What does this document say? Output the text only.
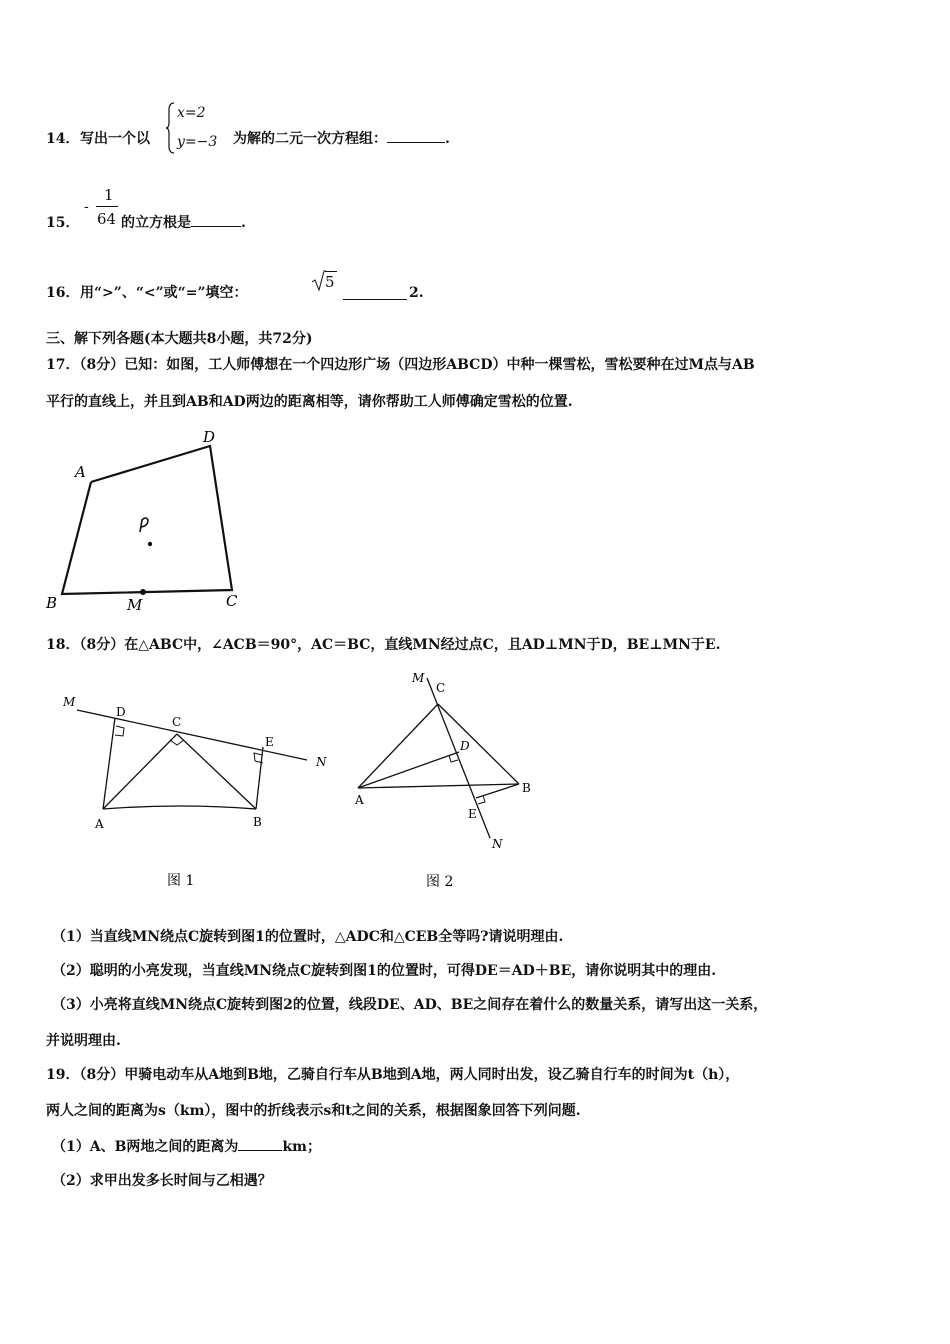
14． 写出一个以
x=2
y=−3 为解的二元一次方程组：	.
15．
-
1
64 的立方根是	.
16． 用“>”、“<”或“=”填空：
5
2.
三、解下列各题(本大题共8小题，共72分)
17．（8分）已知：如图，工人师傅想在一个四边形广场（四边形ABCD）中种一棵雪松，雪松要种在过M点与AB
平行的直线上，并且到AB和AD两边的距离相等，请你帮助工人师傅确定雪松的位置.
A
D
B	M	C
18．（8分）在△ABC中，∠ACB＝90°，AC＝BC，直线MN经过点C，且AD⊥MN于D，BE⊥MN于E.
M
D
C
E
N
A	B
图 1
M
C
D
A
B
E
N
图 2
（1）当直线MN绕点C旋转到图1的位置时，△ADC和△CEB全等吗?请说明理由.
（2）聪明的小亮发现，当直线MN绕点C旋转到图1的位置时，可得DE＝AD＋BE，请你说明其中的理由.
（3）小亮将直线MN绕点C旋转到图2的位置，线段DE、AD、BE之间存在着什么的数量关系，请写出这一关系，
并说明理由.
19．（8分）甲骑电动车从A地到B地，乙骑自行车从B地到A地，两人同时出发，设乙骑自行车的时间为t（h），
两人之间的距离为s（km），图中的折线表示s和t之间的关系，根据图象回答下列问题.
（1）A、B两地之间的距离为	km；
（2）求甲出发多长时间与乙相遇？
